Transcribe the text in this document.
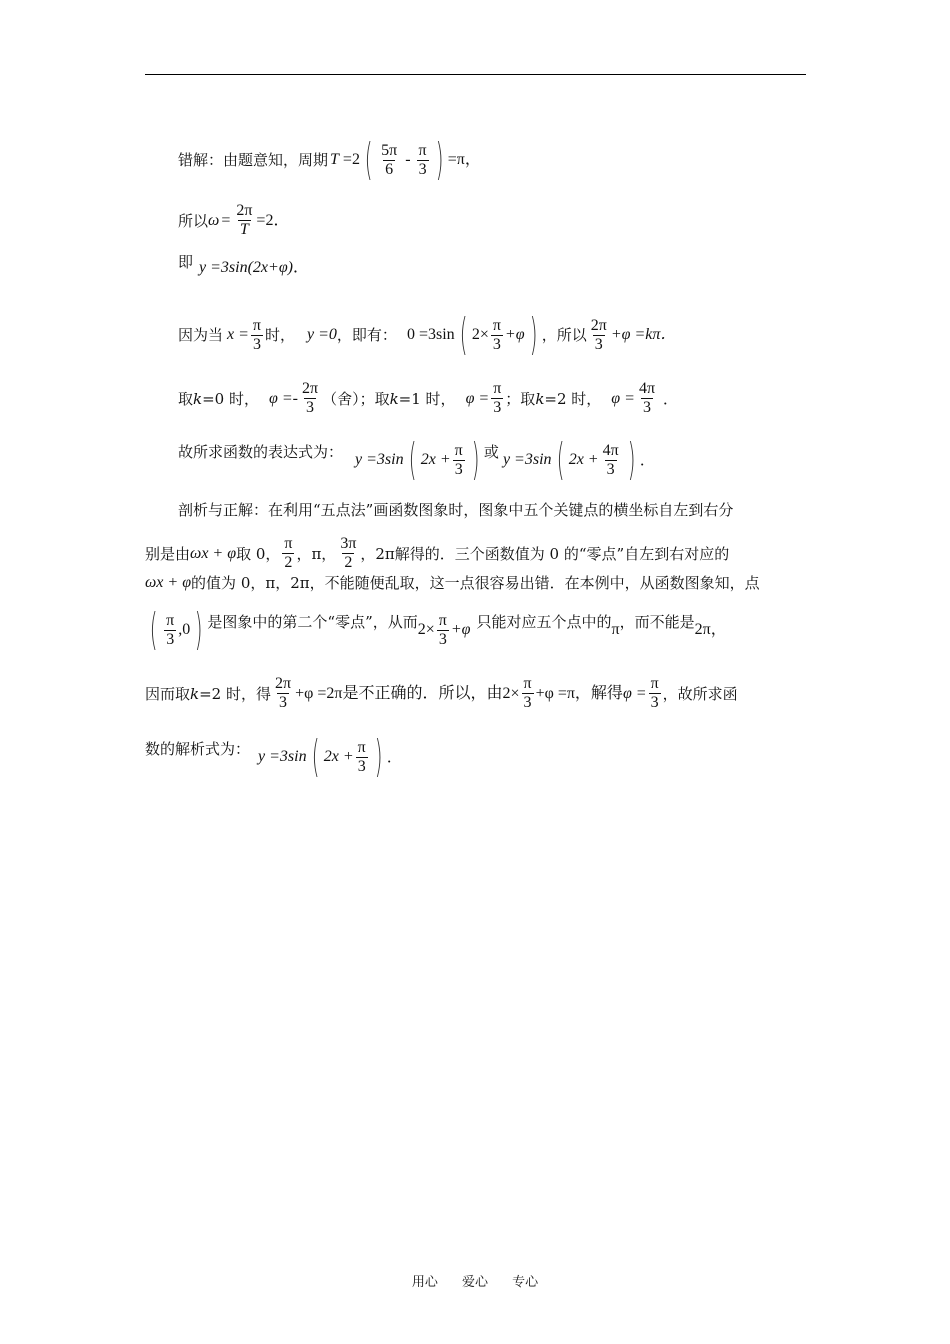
错解：由题意知，周期 T =2 ( $\frac{5\pi}{6} - \frac{\pi}{3}$ ) =π，
所以 $\omega = \frac{2\pi}{T} =2$．
即 y =3sin(2x+φ) ．
因为当 $x = \frac{\pi}{3}$ 时， y =0 ，即有： 0 =3sin ( $2\times \frac{\pi}{3} +\varphi$ ) ，所以 $\frac{2\pi}{3} +\varphi =k\pi$．
取 k =0 时， $\varphi =- \frac{2\pi}{3}$ （舍）；取 k =1 时， $\varphi = \frac{\pi}{3}$ ；取 k =2 时， $\varphi = \frac{4\pi}{3}$ ．
故所求函数的表达式为： y =3sin ( $2x + \frac{\pi}{3}$ ) 或 y =3sin ( $2x + \frac{4\pi}{3}$ ) ．
剖析与正解：在利用“五点法”画函数图象时，图象中五个关键点的横坐标自左到右分
别是由 ωx + φ 取 0， $\frac{\pi}{2}$ ，π， $\frac{3\pi}{2}$ ，2π解得的．三个函数值为 0 的“零点”自左到右对应的
ωx + φ 的值为 0，π，2π，不能随便乱取，这一点很容易出错．在本例中，从函数图象知，点
( $\frac{\pi}{3} ,0$ ) 是图象中的第二个“零点”，从而 $2\times \frac{\pi}{3} +\varphi$ 只能对应五个点中的 π ，而不能是 2π，
因而取 k =2 时，得 $\frac{2\pi}{3} +\varphi =2\pi$是不正确的．所以，由 $2\times \frac{\pi}{3} +\varphi =\pi$，解得 $\varphi = \frac{\pi}{3}$ ，故所求函
数的解析式为： y =3sin ( $2x + \frac{\pi}{3}$ ) ．
用心 爱心 专心
